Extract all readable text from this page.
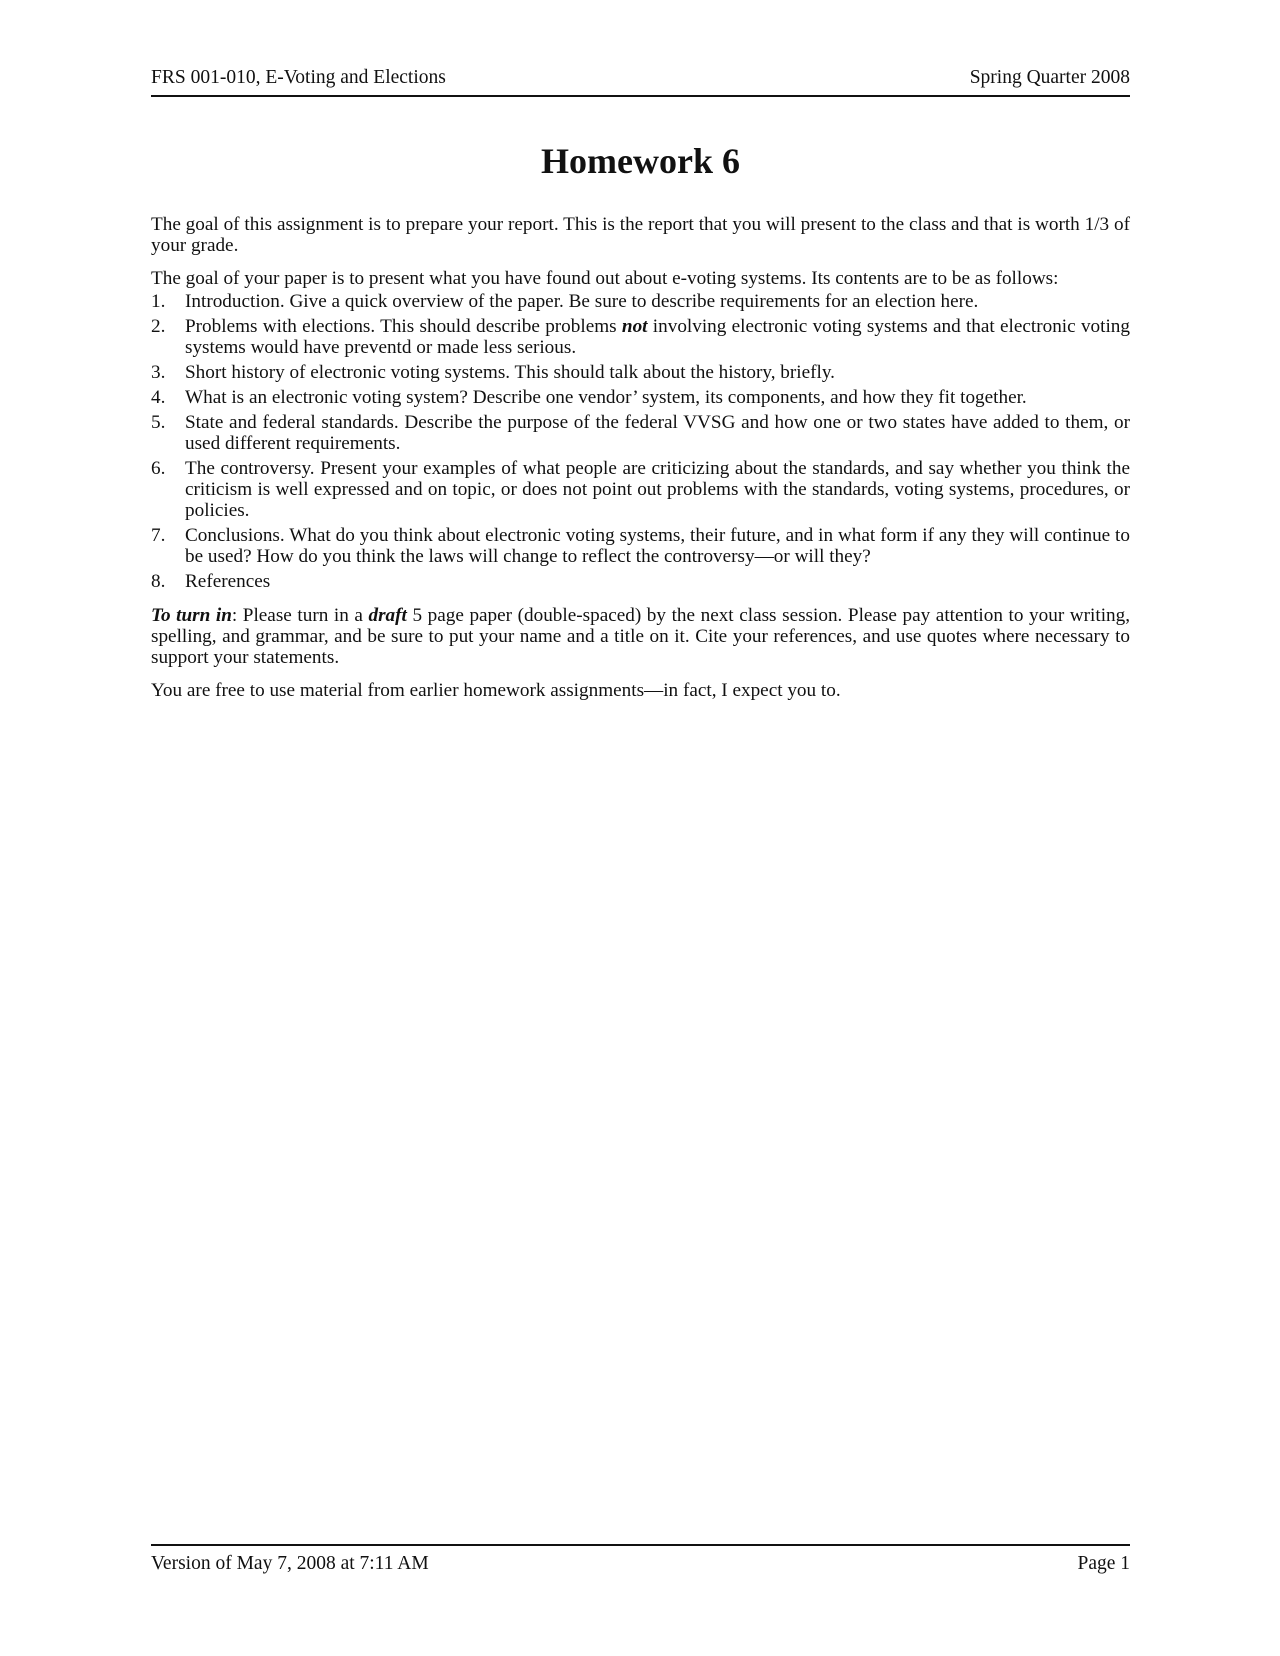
FRS 001-010, E-Voting and Elections	Spring Quarter 2008
Homework 6

The goal of this assignment is to prepare your report. This is the report that you will present to the class and that is worth 1/3 of your grade.

The goal of your paper is to present what you have found out about e-voting systems. Its contents are to be as follows:

1.	Introduction. Give a quick overview of the paper. Be sure to describe requirements for an election here.
2.	Problems with elections. This should describe problems not involving electronic voting systems and that electronic voting systems would have preventd or made less serious.
3.	Short history of electronic voting systems. This should talk about the history, briefly.
4.	What is an electronic voting system? Describe one vendor’ system, its components, and how they fit together.
5.	State and federal standards. Describe the purpose of the federal VVSG and how one or two states have added to them, or used different requirements.
6.	The controversy. Present your examples of what people are criticizing about the standards, and say whether you think the criticism is well expressed and on topic, or does not point out problems with the standards, voting systems, procedures, or policies.
7.	Conclusions. What do you think about electronic voting systems, their future, and in what form if any they will continue to be used? How do you think the laws will change to reflect the controversy—or will they?
8.	References

To turn in: Please turn in a draft 5 page paper (double-spaced) by the next class session. Please pay attention to your writing, spelling, and grammar, and be sure to put your name and a title on it. Cite your references, and use quotes where necessary to support your statements.

You are free to use material from earlier homework assignments—in fact, I expect you to.

Version of May 7, 2008 at 7:11 AM	Page 1
